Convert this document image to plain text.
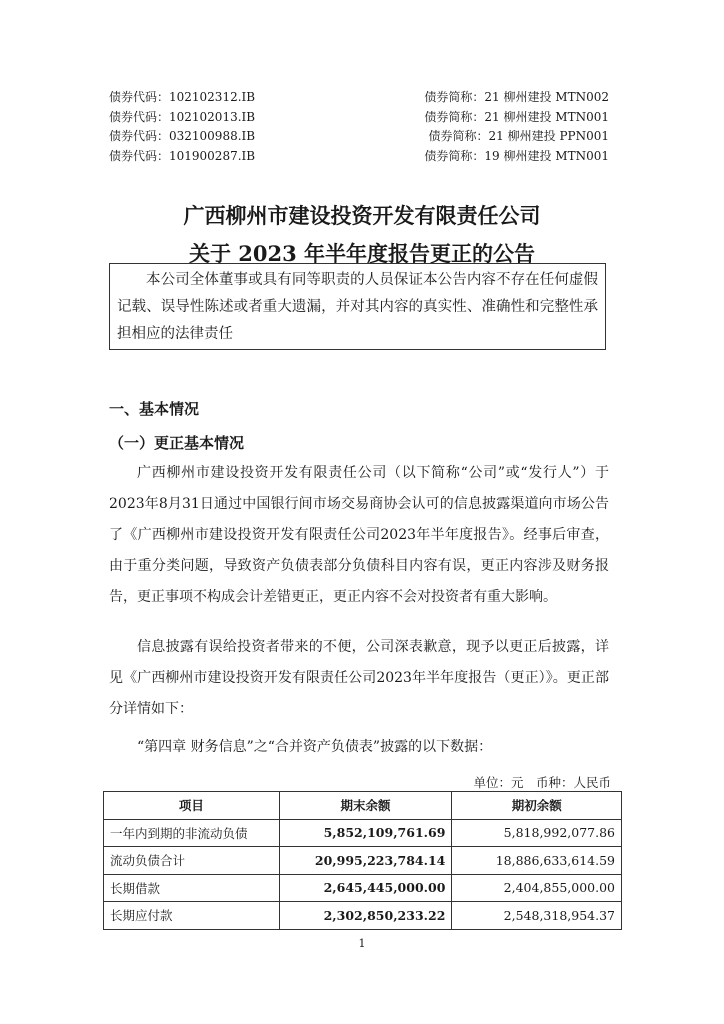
债券代码：102102312.IB	债券简称：21 柳州建投 MTN002
债券代码：102102013.IB	债券简称：21 柳州建投 MTN001
债券代码：032100988.IB	债券简称：21 柳州建投 PPN001
债券代码：101900287.IB	债券简称：19 柳州建投 MTN001
广西柳州市建设投资开发有限责任公司
关于 2023 年半年度报告更正的公告

本公司全体董事或具有同等职责的人员保证本公告内容不存在任何虚假记载、误导性陈述或者重大遗漏，并对其内容的真实性、准确性和完整性承担相应的法律责任

一、基本情况
（一）更正基本情况

广西柳州市建设投资开发有限责任公司（以下简称“公司”或“发行人”）于2023年8月31日通过中国银行间市场交易商协会认可的信息披露渠道向市场公告了《广西柳州市建设投资开发有限责任公司2023年半年度报告》。经事后审查，由于重分类问题，导致资产负债表部分负债科目内容有误，更正内容涉及财务报告，更正事项不构成会计差错更正，更正内容不会对投资者有重大影响。

信息披露有误给投资者带来的不便，公司深表歉意，现予以更正后披露，详见《广西柳州市建设投资开发有限责任公司2023年半年度报告（更正）》。更正部分详情如下：

“第四章 财务信息”之“合并资产负债表”披露的以下数据：
单位：元　币种：人民币
项目	期末余额	期初余额
一年内到期的非流动负债	5,852,109,761.69	5,818,992,077.86
流动负债合计	20,995,223,784.14	18,886,633,614.59
长期借款	2,645,445,000.00	2,404,855,000.00
长期应付款	2,302,850,233.22	2,548,318,954.37
1
